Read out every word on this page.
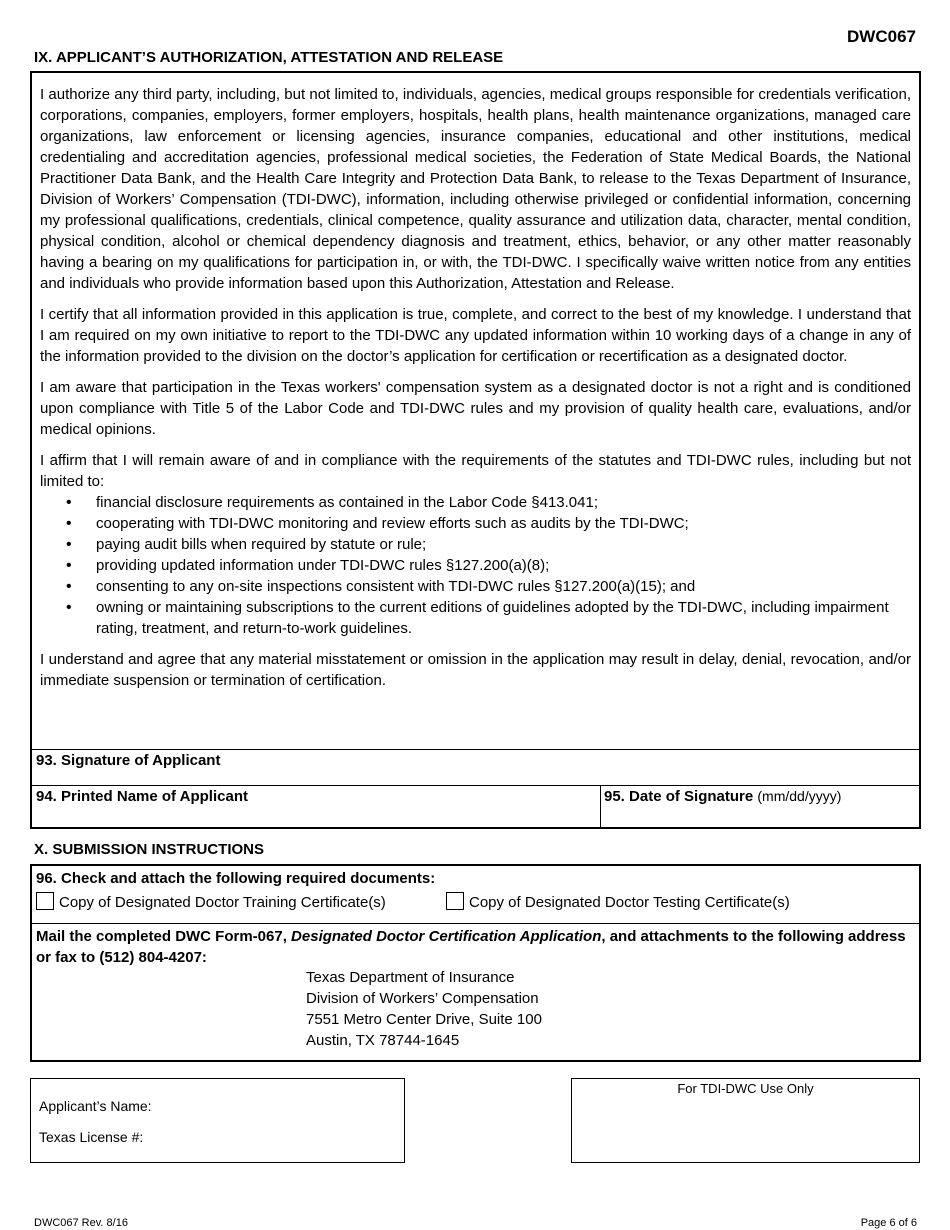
DWC067
IX. APPLICANT’S AUTHORIZATION, ATTESTATION AND RELEASE

I authorize any third party, including, but not limited to, individuals, agencies, medical groups responsible for credentials verification, corporations, companies, employers, former employers, hospitals, health plans, health maintenance organizations, managed care organizations, law enforcement or licensing agencies, insurance companies, educational and other institutions, medical credentialing and accreditation agencies, professional medical societies, the Federation of State Medical Boards, the National Practitioner Data Bank, and the Health Care Integrity and Protection Data Bank, to release to the Texas Department of Insurance, Division of Workers’ Compensation (TDI-DWC), information, including otherwise privileged or confidential information, concerning my professional qualifications, credentials, clinical competence, quality assurance and utilization data, character, mental condition, physical condition, alcohol or chemical dependency diagnosis and treatment, ethics, behavior, or any other matter reasonably having a bearing on my qualifications for participation in, or with, the TDI-DWC. I specifically waive written notice from any entities and individuals who provide information based upon this Authorization, Attestation and Release.

I certify that all information provided in this application is true, complete, and correct to the best of my knowledge. I understand that I am required on my own initiative to report to the TDI-DWC any updated information within 10 working days of a change in any of the information provided to the division on the doctor’s application for certification or recertification as a designated doctor.

I am aware that participation in the Texas workers' compensation system as a designated doctor is not a right and is conditioned upon compliance with Title 5 of the Labor Code and TDI-DWC rules and my provision of quality health care, evaluations, and/or medical opinions.

I affirm that I will remain aware of and in compliance with the requirements of the statutes and TDI-DWC rules, including but not limited to:

• financial disclosure requirements as contained in the Labor Code §413.041;
• cooperating with TDI-DWC monitoring and review efforts such as audits by the TDI-DWC;
• paying audit bills when required by statute or rule;
• providing updated information under TDI-DWC rules §127.200(a)(8);
• consenting to any on-site inspections consistent with TDI-DWC rules §127.200(a)(15); and
• owning or maintaining subscriptions to the current editions of guidelines adopted by the TDI-DWC, including impairment rating, treatment, and return-to-work guidelines.

I understand and agree that any material misstatement or omission in the application may result in delay, denial, revocation, and/or immediate suspension or termination of certification.

93. Signature of Applicant
94. Printed Name of Applicant	95. Date of Signature (mm/dd/yyyy)
X. SUBMISSION INSTRUCTIONS
96. Check and attach the following required documents:
Copy of Designated Doctor Training Certificate(s)	Copy of Designated Doctor Testing Certificate(s)
Mail the completed DWC Form-067, Designated Doctor Certification Application, and attachments to the following address or fax to (512) 804-4207:
Texas Department of Insurance
Division of Workers’ Compensation
7551 Metro Center Drive, Suite 100
Austin, TX 78744-1645
Applicant’s Name:
Texas License #:
For TDI-DWC Use Only
DWC067 Rev. 8/16	Page 6 of 6
